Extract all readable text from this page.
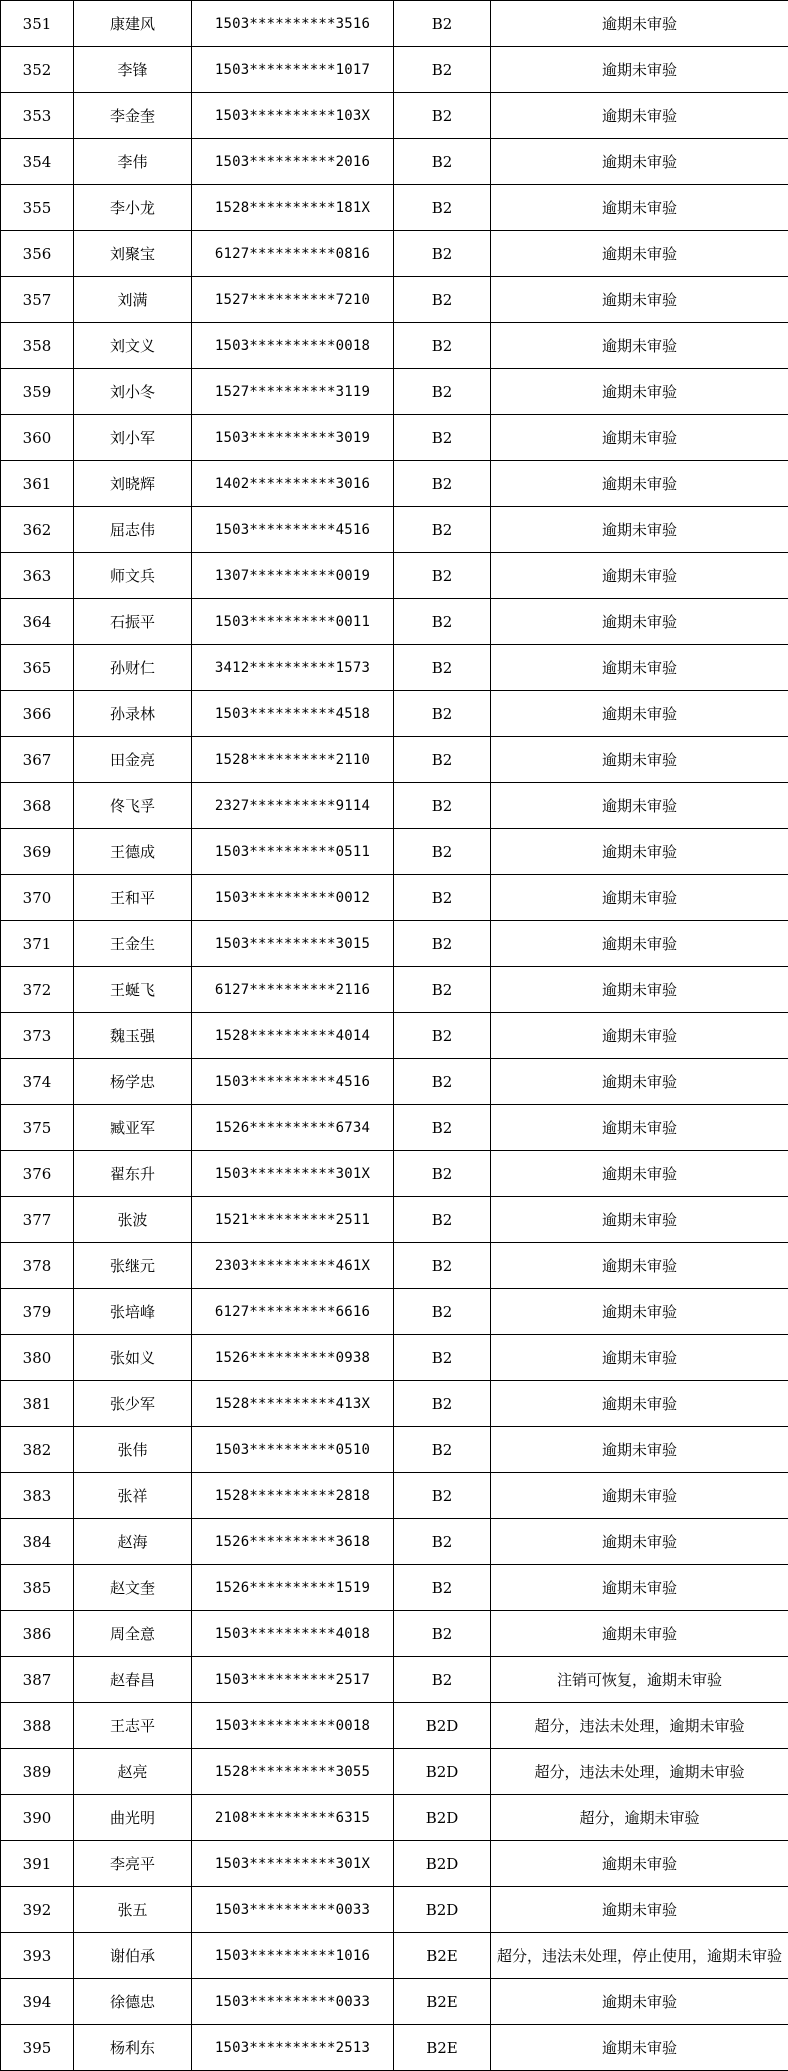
351	康建风	1503**********3516	B2	逾期未审验
352	李锋	1503**********1017	B2	逾期未审验
353	李金奎	1503**********103X	B2	逾期未审验
354	李伟	1503**********2016	B2	逾期未审验
355	李小龙	1528**********181X	B2	逾期未审验
356	刘聚宝	6127**********0816	B2	逾期未审验
357	刘满	1527**********7210	B2	逾期未审验
358	刘文义	1503**********0018	B2	逾期未审验
359	刘小冬	1527**********3119	B2	逾期未审验
360	刘小军	1503**********3019	B2	逾期未审验
361	刘晓辉	1402**********3016	B2	逾期未审验
362	屈志伟	1503**********4516	B2	逾期未审验
363	师文兵	1307**********0019	B2	逾期未审验
364	石振平	1503**********0011	B2	逾期未审验
365	孙财仁	3412**********1573	B2	逾期未审验
366	孙录林	1503**********4518	B2	逾期未审验
367	田金亮	1528**********2110	B2	逾期未审验
368	佟飞孚	2327**********9114	B2	逾期未审验
369	王德成	1503**********0511	B2	逾期未审验
370	王和平	1503**********0012	B2	逾期未审验
371	王金生	1503**********3015	B2	逾期未审验
372	王蜒飞	6127**********2116	B2	逾期未审验
373	魏玉强	1528**********4014	B2	逾期未审验
374	杨学忠	1503**********4516	B2	逾期未审验
375	臧亚军	1526**********6734	B2	逾期未审验
376	翟东升	1503**********301X	B2	逾期未审验
377	张波	1521**********2511	B2	逾期未审验
378	张继元	2303**********461X	B2	逾期未审验
379	张培峰	6127**********6616	B2	逾期未审验
380	张如义	1526**********0938	B2	逾期未审验
381	张少军	1528**********413X	B2	逾期未审验
382	张伟	1503**********0510	B2	逾期未审验
383	张祥	1528**********2818	B2	逾期未审验
384	赵海	1526**********3618	B2	逾期未审验
385	赵文奎	1526**********1519	B2	逾期未审验
386	周全意	1503**********4018	B2	逾期未审验
387	赵春昌	1503**********2517	B2	注销可恢复，逾期未审验
388	王志平	1503**********0018	B2D	超分，违法未处理，逾期未审验
389	赵亮	1528**********3055	B2D	超分，违法未处理，逾期未审验
390	曲光明	2108**********6315	B2D	超分，逾期未审验
391	李亮平	1503**********301X	B2D	逾期未审验
392	张五	1503**********0033	B2D	逾期未审验
393	谢伯承	1503**********1016	B2E	超分，违法未处理，停止使用，逾期未审验
394	徐德忠	1503**********0033	B2E	逾期未审验
395	杨利东	1503**********2513	B2E	逾期未审验
